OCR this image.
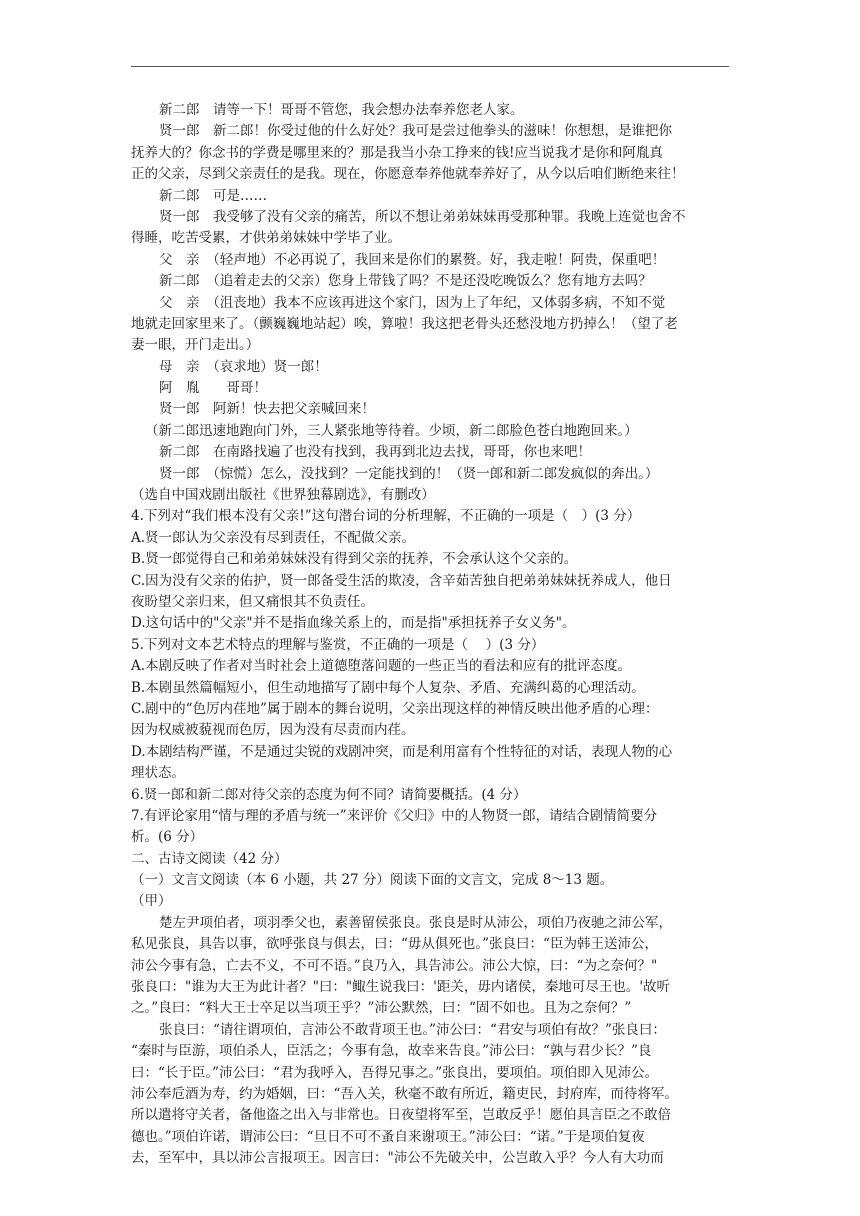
新二郎　请等一下！哥哥不管您，我会想办法奉养您老人家。
贤一郎　新二郎！你受过他的什么好处？我可是尝过他拳头的滋味！你想想，是谁把你
抚养大的？你念书的学费是哪里来的？那是我当小杂工挣来的钱!应当说我才是你和阿胤真
正的父亲，尽到父亲责任的是我。现在，你愿意奉养他就奉养好了，从今以后咱们断绝来往！
新二郎　可是……
贤一郎　我受够了没有父亲的痛苦，所以不想让弟弟妹妹再受那种罪。我晚上连觉也舍不
得睡，吃苦受累，才供弟弟妹妹中学毕了业。
父　亲　（轻声地）不必再说了，我回来是你们的累赘。好，我走啦！阿贵，保重吧！
新二郎　（追着走去的父亲）您身上带钱了吗？不是还没吃晚饭么？您有地方去吗？
父　亲　（沮丧地）我本不应该再进这个家门，因为上了年纪，又体弱多病，不知不觉
地就走回家里来了。（颤巍巍地站起）唉，算啦！我这把老骨头还愁没地方扔掉么！（望了老
妻一眼，开门走出。）
母　亲　（哀求地）贤一郎！
阿　胤　　哥哥！
贤一郎　阿新！快去把父亲喊回来！
（新二郎迅速地跑向门外，三人紧张地等待着。少顷，新二郎脸色苍白地跑回来。）
新二郎　在南路找遍了也没有找到，我再到北边去找，哥哥，你也来吧！
贤一郎　（惊慌）怎么，没找到？一定能找到的！（贤一郎和新二郎发疯似的奔出。）
（选自中国戏剧出版社《世界独幕剧选》，有删改）
4.下列对“我们根本没有父亲!”这句潜台词的分析理解，不正确的一项是（　）(3 分）
A.贤一郎认为父亲没有尽到责任，不配做父亲。
B.贤一郎觉得自己和弟弟妹妹没有得到父亲的抚养，不会承认这个父亲的。
C.因为没有父亲的佑护，贤一郎备受生活的欺凌，含辛茹苦独自把弟弟妹妹抚养成人，他日
夜盼望父亲归来，但又痛恨其不负责任。
D.这句话中的"父亲"并不是指血缘关系上的，而是指"承担抚养子女义务"。
5.下列对文本艺术特点的理解与鉴赏，不正确的一项是（　 ）(3 分）
A.本剧反映了作者对当时社会上道德堕落问题的一些正当的看法和应有的批评态度。
B.本剧虽然篇幅短小，但生动地描写了剧中每个人复杂、矛盾、充满纠葛的心理活动。
C.剧中的“色厉内荏地”属于剧本的舞台说明，父亲出现这样的神情反映出他矛盾的心理：
因为权威被藐视而色厉，因为没有尽责而内荏。
D.本剧结构严谨，不是通过尖锐的戏剧冲突，而是利用富有个性特征的对话，表现人物的心
理状态。
6.贤一郎和新二郎对待父亲的态度为何不同？请简要概括。(4 分）
7.有评论家用“情与理的矛盾与统一”来评价《父归》中的人物贤一郎，请结合剧情简要分
析。(6 分）
二、古诗文阅读（42 分）
（一）文言文阅读（本 6 小题，共 27 分）阅读下面的文言文，完成 8～13 题。
（甲）
楚左尹项伯者，项羽季父也，素善留侯张良。张良是时从沛公，项伯乃夜驰之沛公军，
私见张良，具告以事，欲呼张良与俱去，曰：“毋从俱死也。”张良曰：“臣为韩王送沛公，
沛公今事有急，亡去不义，不可不语。”良乃入，具告沛公。沛公大惊，曰：“为之奈何？"
张良口："谁为大王为此计者？"曰："鲰生说我曰：'距关，毋内诸侯，秦地可尽王也。'故听
之。”良曰：“料大王士卒足以当项王乎？”沛公默然，曰：“固不如也。且为之奈何？”
张良曰：“请往谓项伯，言沛公不敢背项王也。”沛公曰：“君安与项伯有故？”张良曰：
“秦时与臣游，项伯杀人，臣活之；今事有急，故幸来告良。”沛公曰：“孰与君少长？”良
曰：“长于臣。”沛公曰：“君为我呼入，吾得兄事之。”张良出，要项伯。项伯即入见沛公。
沛公奉卮酒为寿，约为婚姻，曰：“吾入关，秋毫不敢有所近，籍吏民，封府库，而待将军。
所以遣将守关者，备他盗之出入与非常也。日夜望将军至，岂敢反乎！愿伯具言臣之不敢倍
德也。”项伯许诺，谓沛公曰：“旦日不可不蚤自来谢项王。”沛公曰：“诺。”于是项伯复夜
去，至军中，具以沛公言报项王。因言曰："沛公不先破关中，公岂敢入乎？今人有大功而
